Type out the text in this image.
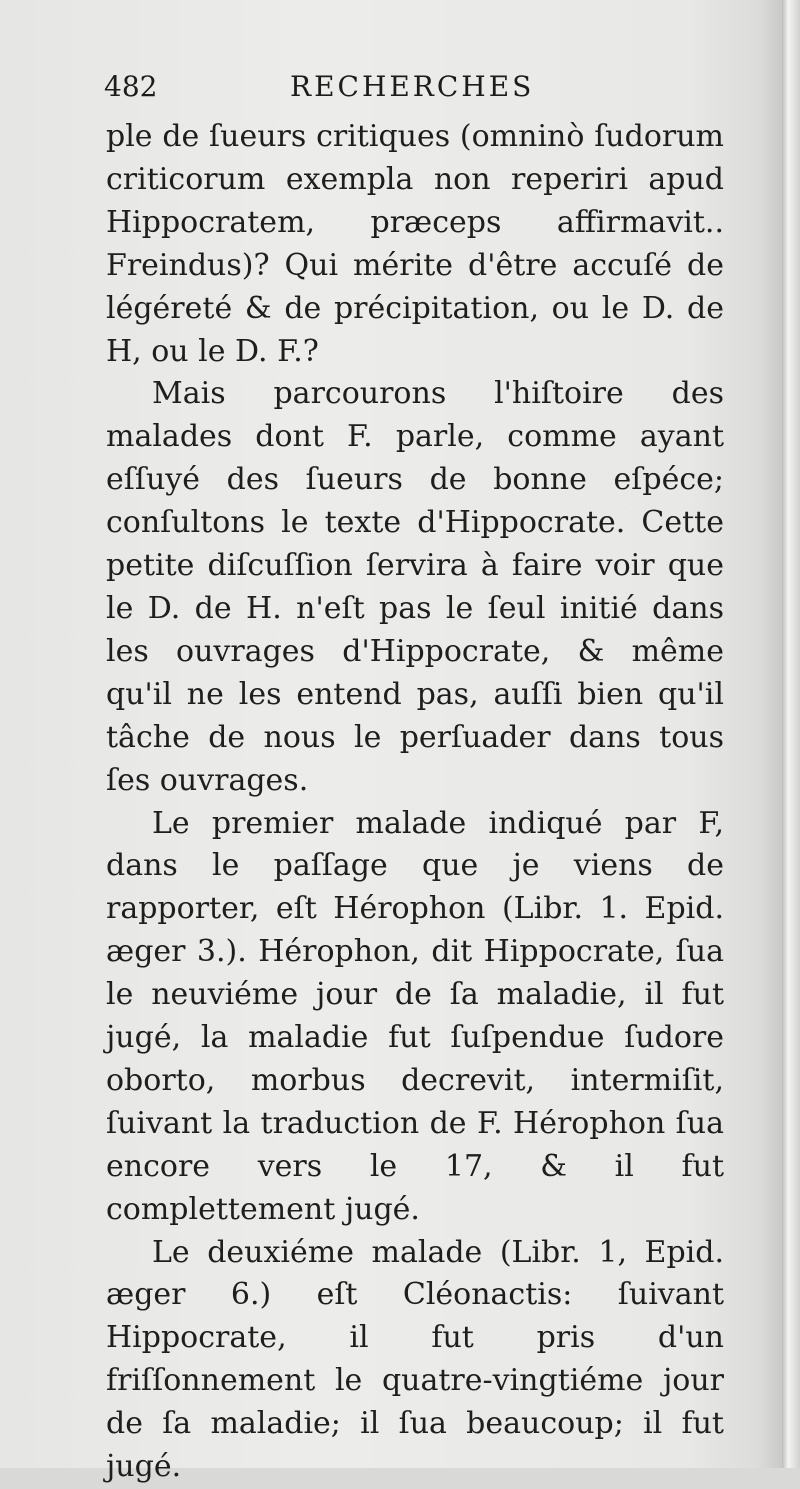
482	RECHERCHES

ple de ſueurs critiques (omninò ſudorum criticorum exempla non reperiri apud Hippocratem, præceps affirmavit.. Freindus)? Qui mérite d'être accuſé de légéreté & de précipitation, ou le D. de H, ou le D. F.?

Mais parcourons l'hiſtoire des malades dont F. parle, comme ayant eſſuyé des ſueurs de bonne eſpéce; conſultons le texte d'Hippocrate. Cette petite diſcuſſion ſervira à faire voir que le D. de H. n'eſt pas le ſeul initié dans les ouvrages d'Hippocrate, & même qu'il ne les entend pas, auſſi bien qu'il tâche de nous le perſuader dans tous ſes ouvrages.

Le premier malade indiqué par F, dans le paſſage que je viens de rapporter, eſt Hérophon (Libr. 1. Epid. æger 3.). Hérophon, dit Hippocrate, ſua le neuviéme jour de ſa maladie, il fut jugé, la maladie fut ſuſpendue ſudore oborto, morbus decrevit, intermiſit, ſuivant la traduction de F. Hérophon ſua encore vers le 17, & il fut complettement jugé.

Le deuxiéme malade (Libr. 1, Epid. æger 6.) eſt Cléonactis: ſuivant Hippocrate, il fut pris d'un friſſonnement le quatre-vingtiéme jour de ſa maladie; il ſua beaucoup; il fut jugé.
